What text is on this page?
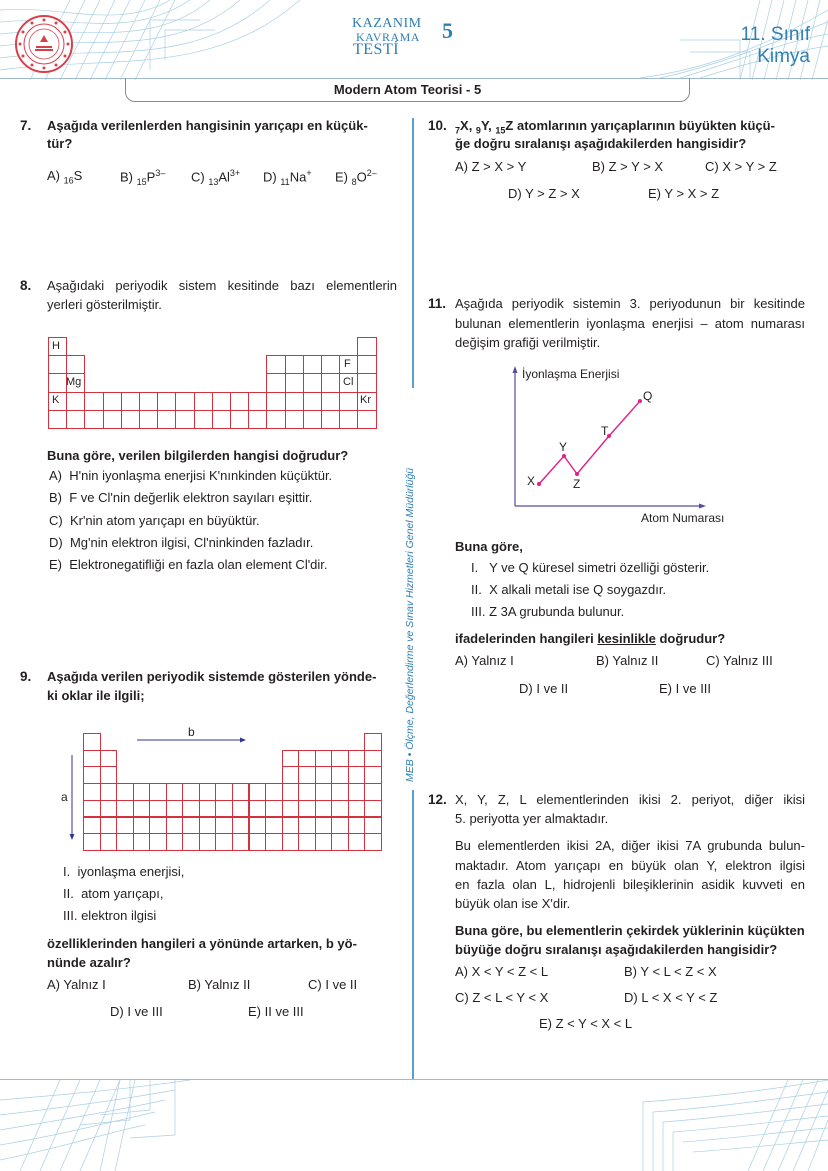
KAZANIM
KAVRAMA
TESTİ
5	11. Sınıf
Kimya
Modern Atom Teorisi - 5
MEB • Ölçme, Değerlendirme ve Sınav Hizmetleri Genel Müdürlüğü
7. Aşağıda verilenlerden hangisinin yarıçapı en küçük-
tür?
A) $_{16}$S	B) $_{15}P^{3-}$ C) $_{13}Al^{3+}$ D) $_{11}$Na+ E) $_8O^{2-}$
8. Aşağıdaki periyodik sistem kesitinde bazı elementlerin
yerleri gösterilmiştir.
H
Mg
K
F
Cl
Kr
Buna göre, verilen bilgilerden hangisi doğrudur?
A) H'nin iyonlaşma enerjisi K'nınkinden küçüktür.
B) F ve Cl'nin değerlik elektron sayıları eşittir.
C) Kr'nin atom yarıçapı en büyüktür.
D) Mg'nin elektron ilgisi, Cl'ninkinden fazladır.
E) Elektronegatifliği en fazla olan element Cl'dir.
9. Aşağıda verilen periyodik sistemde gösterilen yönde-
ki oklar ile ilgili;
b
a
I. iyonlaşma enerjisi,
II. atom yarıçapı,
III. elektron ilgisi
özelliklerinden hangileri a yönünde artarken, b yö-
nünde azalır?
A) Yalnız I	B) Yalnız II	C) I ve II
D) I ve III	E) II ve III
10. $_7$X, $_9$Y, $_{15}$Z atomlarının yarıçaplarının büyükten küçü-
ğe doğru sıralanışı aşağıdakilerden hangisidir?
A) Z > X > Y	B) Z > Y > X	C) X > Y > Z
D) Y > Z > X	E) Y > X > Z
11. Aşağıda periyodik sistemin 3. periyodunun bir kesitinde
bulunan elementlerin iyonlaşma enerjisi – atom numarası
değişim grafiği verilmiştir.
İyonlaşma Enerjisi
Atom Numarası
X
Y
Z
T
Q
Buna göre,
I. Y ve Q küresel simetri özelliği gösterir.
II. X alkali metali ise Q soygazdır.
III. Z 3A grubunda bulunur.
ifadelerinden hangileri kesinlikle doğrudur?
A) Yalnız I	B) Yalnız II	C) Yalnız III
D) I ve II	E) I ve III
12. X, Y, Z, L elementlerinden ikisi 2. periyot, diğer ikisi
5. periyotta yer almaktadır.
Bu elementlerden ikisi 2A, diğer ikisi 7A grubunda bulun-
maktadır. Atom yarıçapı en büyük olan Y, elektron ilgisi
en fazla olan L, hidrojenli bileşiklerinin asidik kuvveti en
büyük olan ise X'dir.
Buna göre, bu elementlerin çekirdek yüklerinin küçükten
büyüğe doğru sıralanışı aşağıdakilerden hangisidir?
A) X < Y < Z < L	B) Y < L < Z < X
C) Z < L < Y < X	D) L < X < Y < Z
E) Z < Y < X < L
